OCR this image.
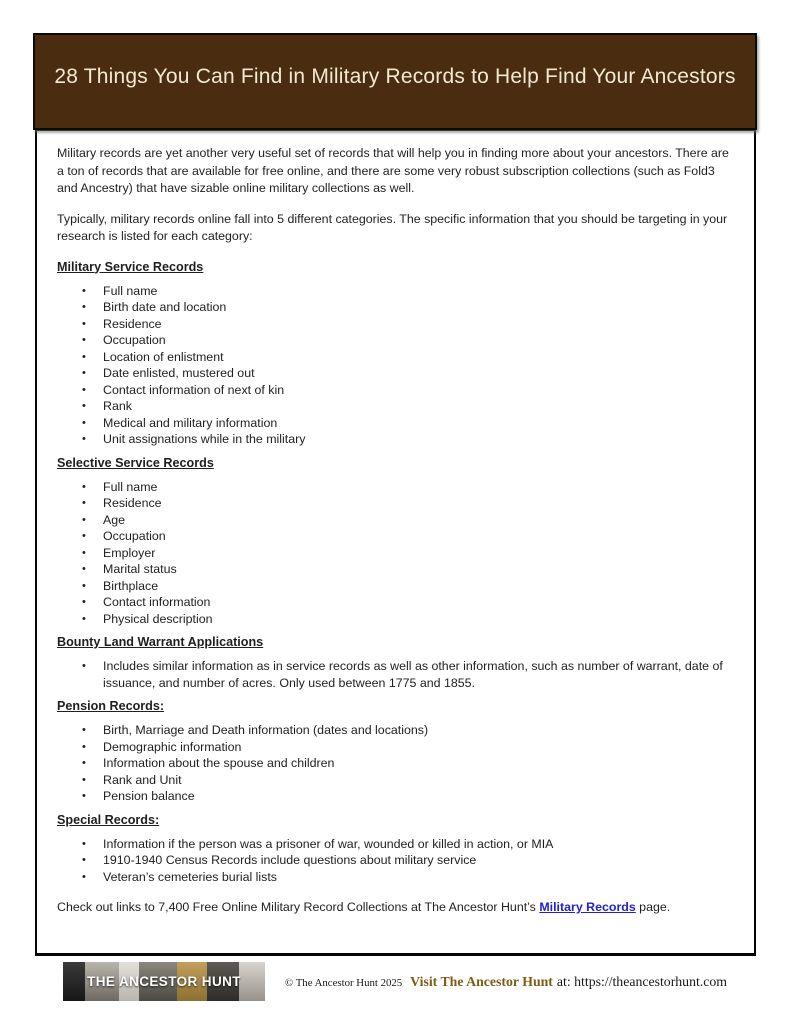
28 Things You Can Find in Military Records to Help Find Your Ancestors

Military records are yet another very useful set of records that will help you in finding more about your ancestors. There are a ton of records that are available for free online, and there are some very robust subscription collections (such as Fold3 and Ancestry) that have sizable online military collections as well.

Typically, military records online fall into 5 different categories. The specific information that you should be targeting in your research is listed for each category:

Military Service Records

•	Full name
•	Birth date and location
•	Residence
•	Occupation
•	Location of enlistment
•	Date enlisted, mustered out
•	Contact information of next of kin
•	Rank
•	Medical and military information
•	Unit assignations while in the military

Selective Service Records

•	Full name
•	Residence
•	Age
•	Occupation
•	Employer
•	Marital status
•	Birthplace
•	Contact information
•	Physical description

Bounty Land Warrant Applications

•	Includes similar information as in service records as well as other information, such as number of warrant, date of issuance, and number of acres. Only used between 1775 and 1855.

Pension Records:

•	Birth, Marriage and Death information (dates and locations)
•	Demographic information
•	Information about the spouse and children
•	Rank and Unit
•	Pension balance

Special Records:

•	Information if the person was a prisoner of war, wounded or killed in action, or MIA
•	1910-1940 Census Records include questions about military service
•	Veteran’s cemeteries burial lists

Check out links to 7,400 Free Online Military Record Collections at The Ancestor Hunt’s Military Records page.

THE ANCESTOR HUNT	© The Ancestor Hunt 2025 Visit The Ancestor Hunt at: https://theancestorhunt.com
